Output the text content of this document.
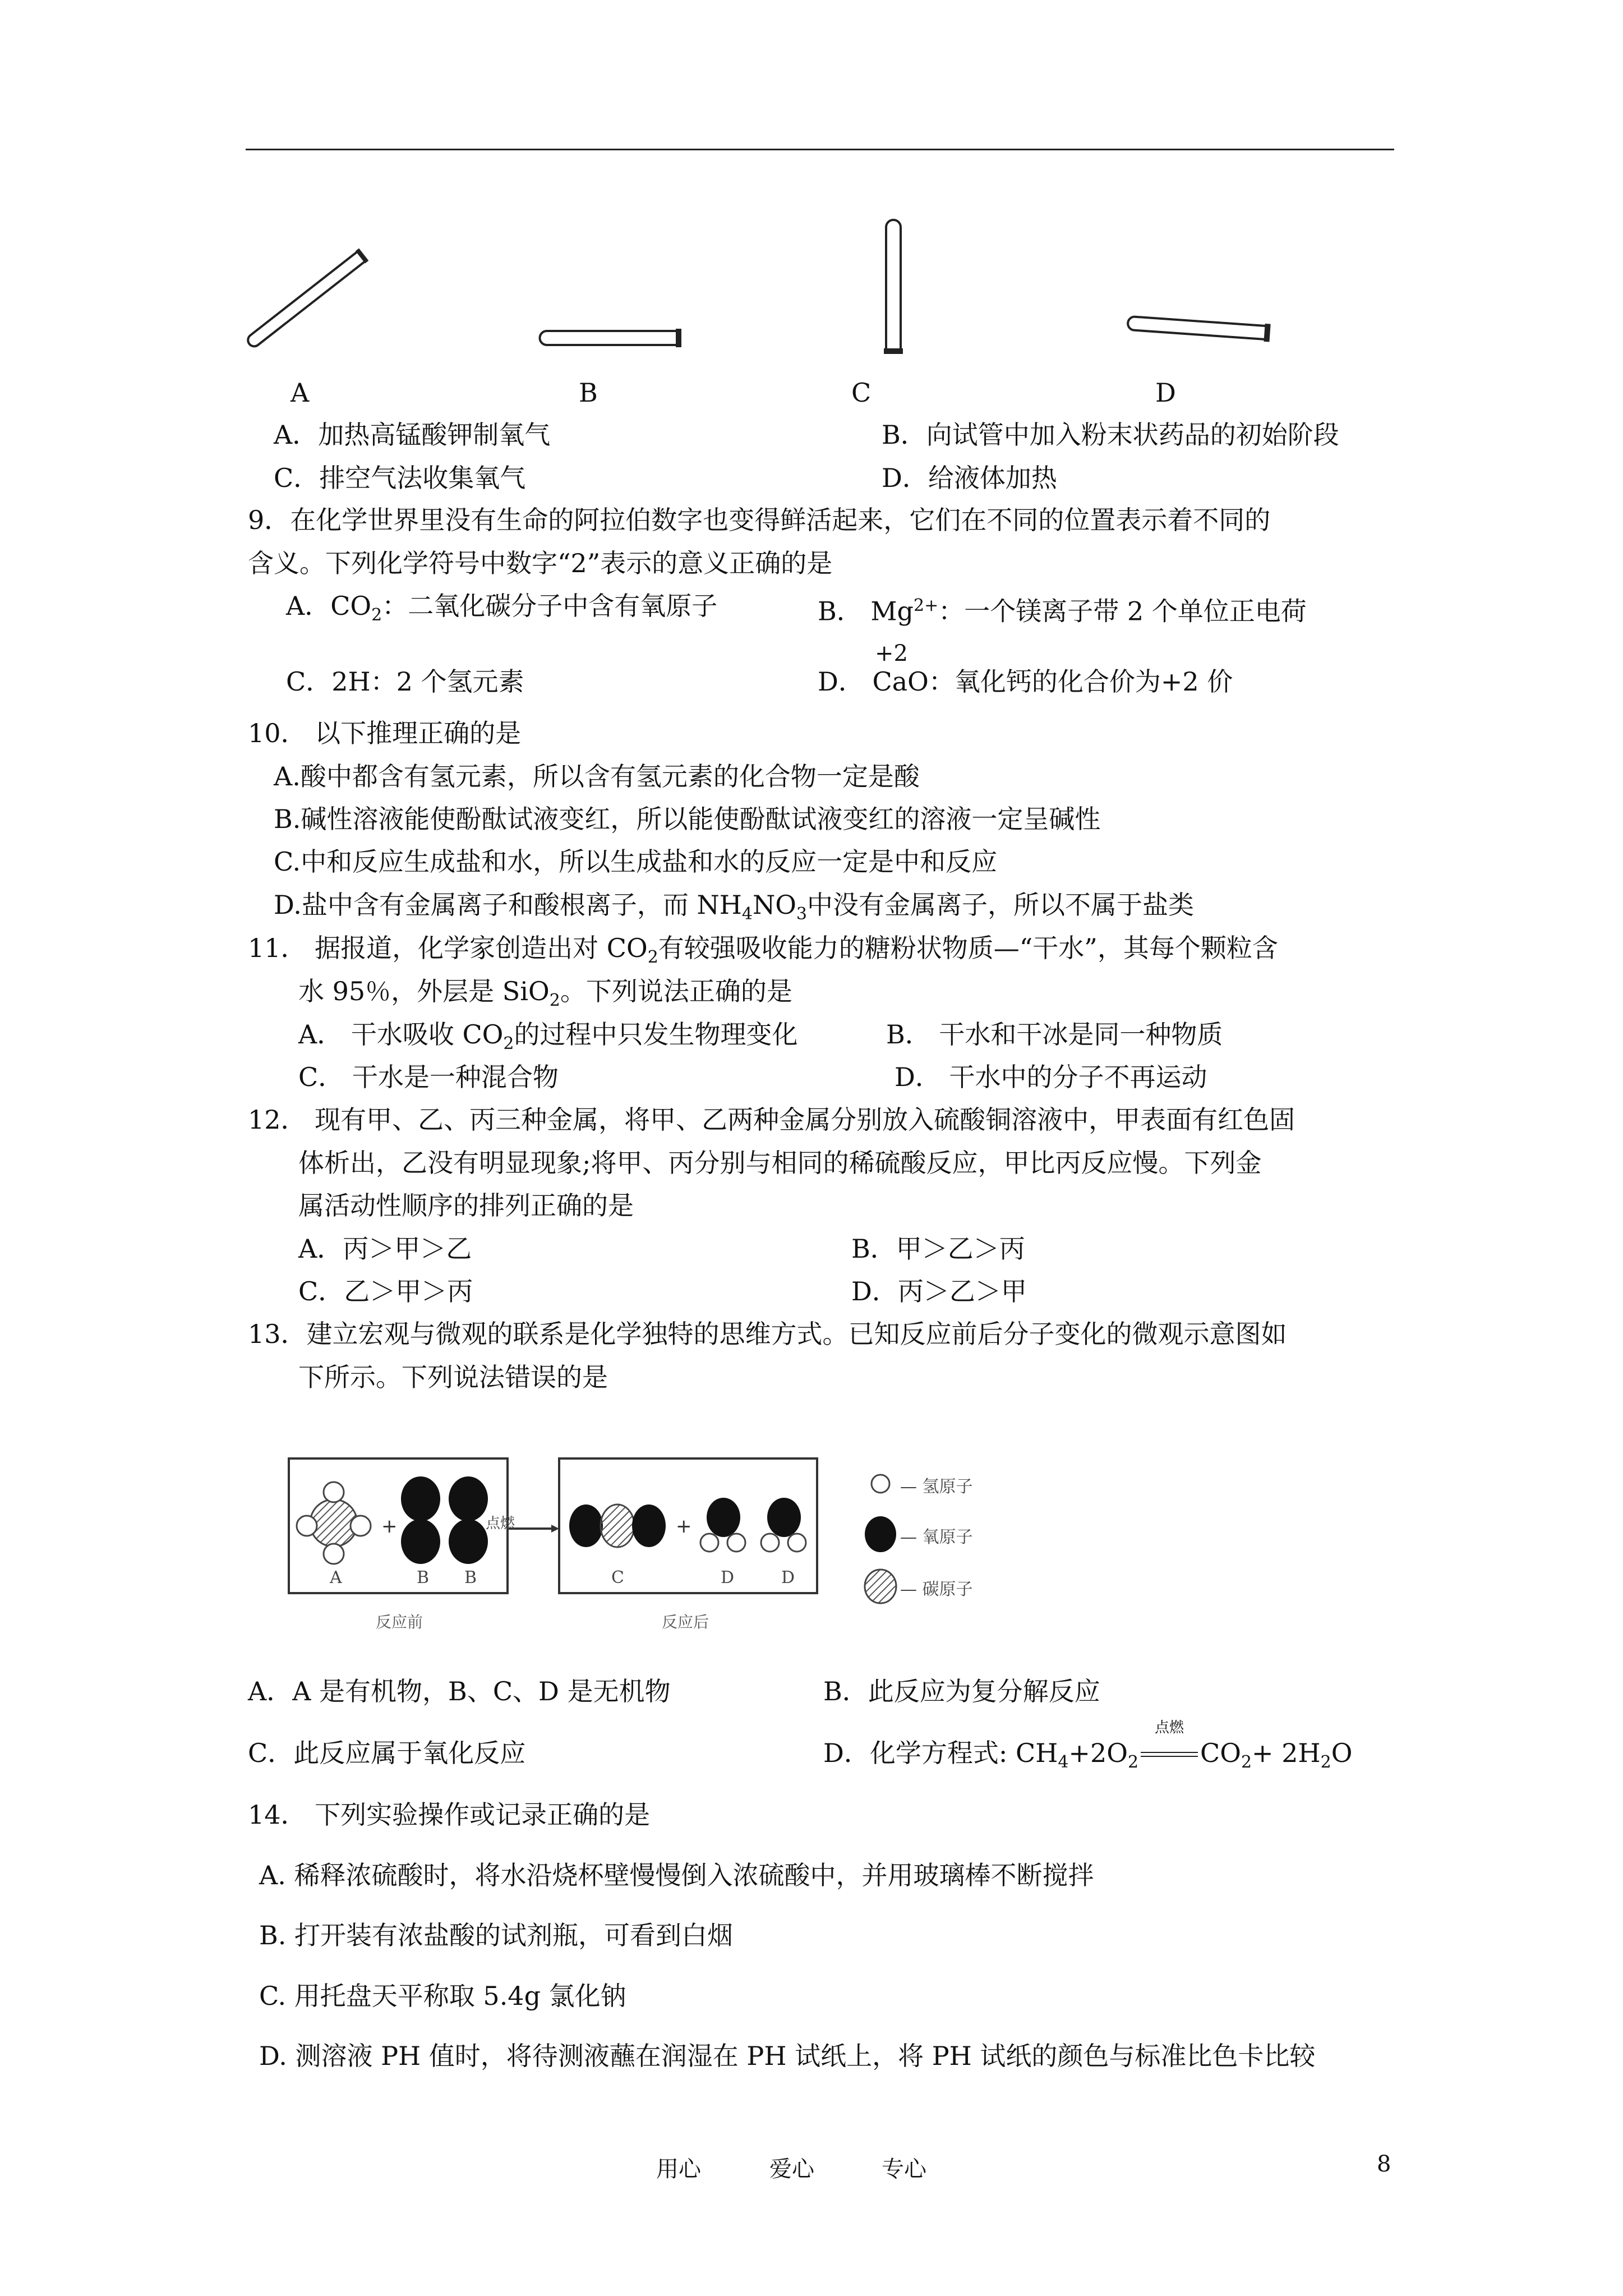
A	B	C	D
A．加热高锰酸钾制氧气	B．向试管中加入粉末状药品的初始阶段
C．排空气法收集氧气	D．给液体加热
9．在化学世界里没有生命的阿拉伯数字也变得鲜活起来，它们在不同的位置表示着不同的
含义。下列化学符号中数字“2”表示的意义正确的是
A．$CO_2$：二氧化碳分子中含有氧原子	B． $Mg^{2+}$：一个镁离子带 2 个单位正电荷
+2
C．2H：2 个氢元素	D． CaO：氧化钙的化合价为+2 价
10． 以下推理正确的是
A.酸中都含有氢元素，所以含有氢元素的化合物一定是酸
B.碱性溶液能使酚酞试液变红，所以能使酚酞试液变红的溶液一定呈碱性
C.中和反应生成盐和水，所以生成盐和水的反应一定是中和反应
D.盐中含有金属离子和酸根离子，而 $NH_4NO_3$中没有金属离子，所以不属于盐类
11． 据报道，化学家创造出对 $CO_2$有较强吸收能力的糖粉状物质—“干水”，其每个颗粒含
水 95％，外层是 SiO$_2$。下列说法正确的是
A． 干水吸收 $CO_2$的过程中只发生物理变化	B． 干水和干冰是同一种物质
C． 干水是一种混合物	D． 干水中的分子不再运动
12． 现有甲、乙、丙三种金属，将甲、乙两种金属分别放入硫酸铜溶液中，甲表面有红色固
体析出，乙没有明显现象;将甲、丙分别与相同的稀硫酸反应，甲比丙反应慢。下列金
属活动性顺序的排列正确的是
A．丙＞甲＞乙	B．甲＞乙＞丙
C．乙＞甲＞丙	D．丙＞乙＞甲
13．建立宏观与微观的联系是化学独特的思维方式。已知反应前后分子变化的微观示意图如
下所示。下列说法错误的是
+	+
点燃
A	B B	C	D	D
反应前	反应后
— 氢原子
— 氧原子
— 碳原子
A．A 是有机物，B、C、D 是无机物	B．此反应为复分解反应
C．此反应属于氧化反应	D．化学方程式: $CH_4+2O_2$
点燃
$CO_2+ 2H_2O$
14． 下列实验操作或记录正确的是
A. 稀释浓硫酸时，将水沿烧杯壁慢慢倒入浓硫酸中，并用玻璃棒不断搅拌
B. 打开装有浓盐酸的试剂瓶，可看到白烟
C. 用托盘天平称取 5.4g 氯化钠
D. 测溶液 PH 值时，将待测液蘸在润湿在 PH 试纸上，将 PH 试纸的颜色与标准比色卡比较
用心	爱心	专心	8
